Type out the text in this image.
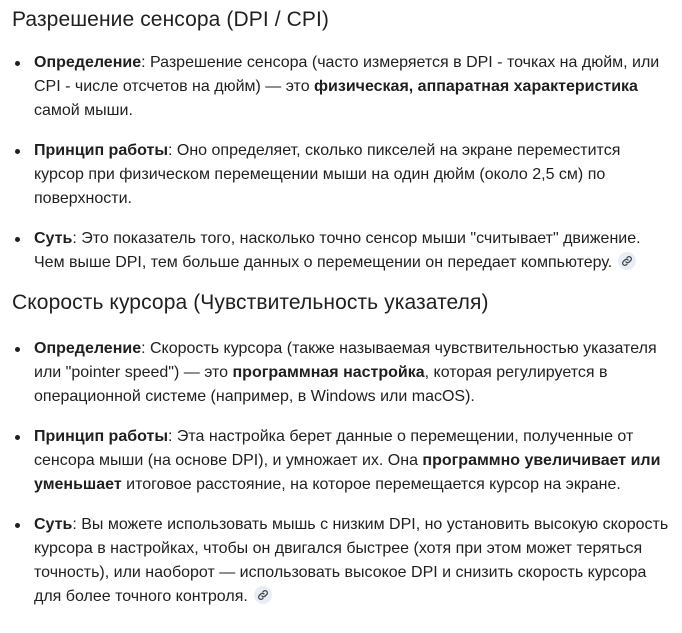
Разрешение сенсора (DPI / CPI)
Определение: Разрешение сенсора (часто измеряется в DPI - точках на дюйм, или CPI - числе отсчетов на дюйм) — это физическая, аппаратная характеристика самой мыши.
Принцип работы: Оно определяет, сколько пикселей на экране переместится курсор при физическом перемещении мыши на один дюйм (около 2,5 см) по поверхности.
Суть: Это показатель того, насколько точно сенсор мыши "считывает" движение. Чем выше DPI, тем больше данных о перемещении он передает компьютеру.
Скорость курсора (Чувствительность указателя)
Определение: Скорость курсора (также называемая чувствительностью указателя или "pointer speed") — это программная настройка, которая регулируется в операционной системе (например, в Windows или macOS).
Принцип работы: Эта настройка берет данные о перемещении, полученные от сенсора мыши (на основе DPI), и умножает их. Она программно увеличивает или уменьшает итоговое расстояние, на которое перемещается курсор на экране.
Суть: Вы можете использовать мышь с низким DPI, но установить высокую скорость курсора в настройках, чтобы он двигался быстрее (хотя при этом может теряться точность), или наоборот — использовать высокое DPI и снизить скорость курсора для более точного контроля.
